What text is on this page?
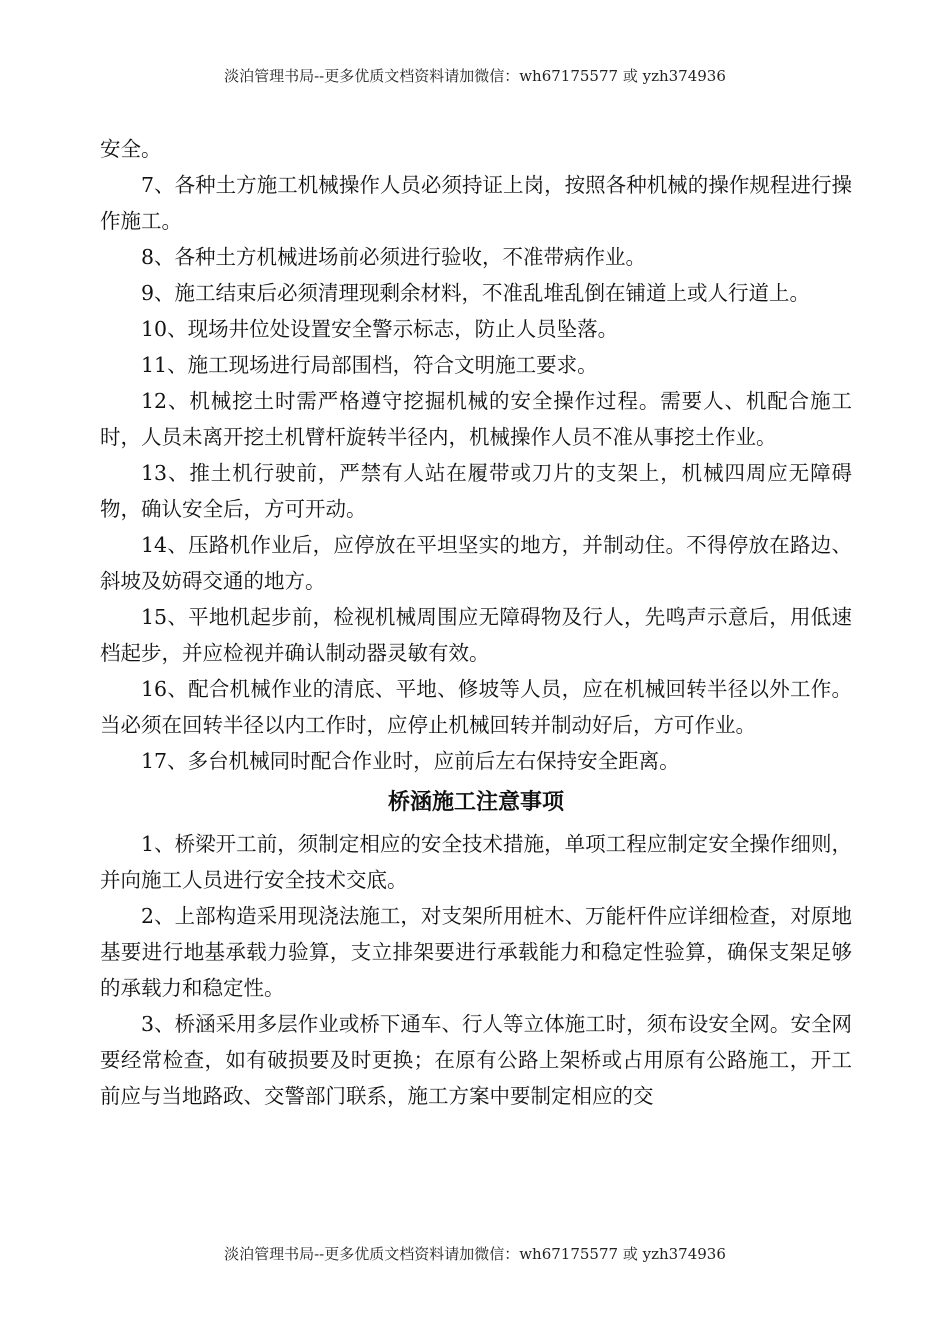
淡泊管理书局--更多优质文档资料请加微信：wh67175577 或 yzh374936

安全。

7、各种土方施工机械操作人员必须持证上岗，按照各种机械的操作规程进行操作施工。

8、各种土方机械进场前必须进行验收，不准带病作业。

9、施工结束后必须清理现剩余材料，不准乱堆乱倒在铺道上或人行道上。

10、现场井位处设置安全警示标志，防止人员坠落。

11、施工现场进行局部围档，符合文明施工要求。

12、机械挖土时需严格遵守挖掘机械的安全操作过程。需要人、机配合施工时，人员未离开挖土机臂杆旋转半径内，机械操作人员不准从事挖土作业。

13、推土机行驶前，严禁有人站在履带或刀片的支架上，机械四周应无障碍物，确认安全后，方可开动。

14、压路机作业后，应停放在平坦坚实的地方，并制动住。不得停放在路边、斜坡及妨碍交通的地方。

15、平地机起步前，检视机械周围应无障碍物及行人，先鸣声示意后，用低速档起步，并应检视并确认制动器灵敏有效。

16、配合机械作业的清底、平地、修坡等人员，应在机械回转半径以外工作。当必须在回转半径以内工作时，应停止机械回转并制动好后，方可作业。

17、多台机械同时配合作业时，应前后左右保持安全距离。

桥涵施工注意事项

1、桥梁开工前，须制定相应的安全技术措施，单项工程应制定安全操作细则，并向施工人员进行安全技术交底。

2、上部构造采用现浇法施工，对支架所用桩木、万能杆件应详细检查，对原地基要进行地基承载力验算，支立排架要进行承载能力和稳定性验算，确保支架足够的承载力和稳定性。

3、桥涵采用多层作业或桥下通车、行人等立体施工时，须布设安全网。安全网要经常检查，如有破损要及时更换；在原有公路上架桥或占用原有公路施工，开工前应与当地路政、交警部门联系，施工方案中要制定相应的交

淡泊管理书局--更多优质文档资料请加微信：wh67175577 或 yzh374936
